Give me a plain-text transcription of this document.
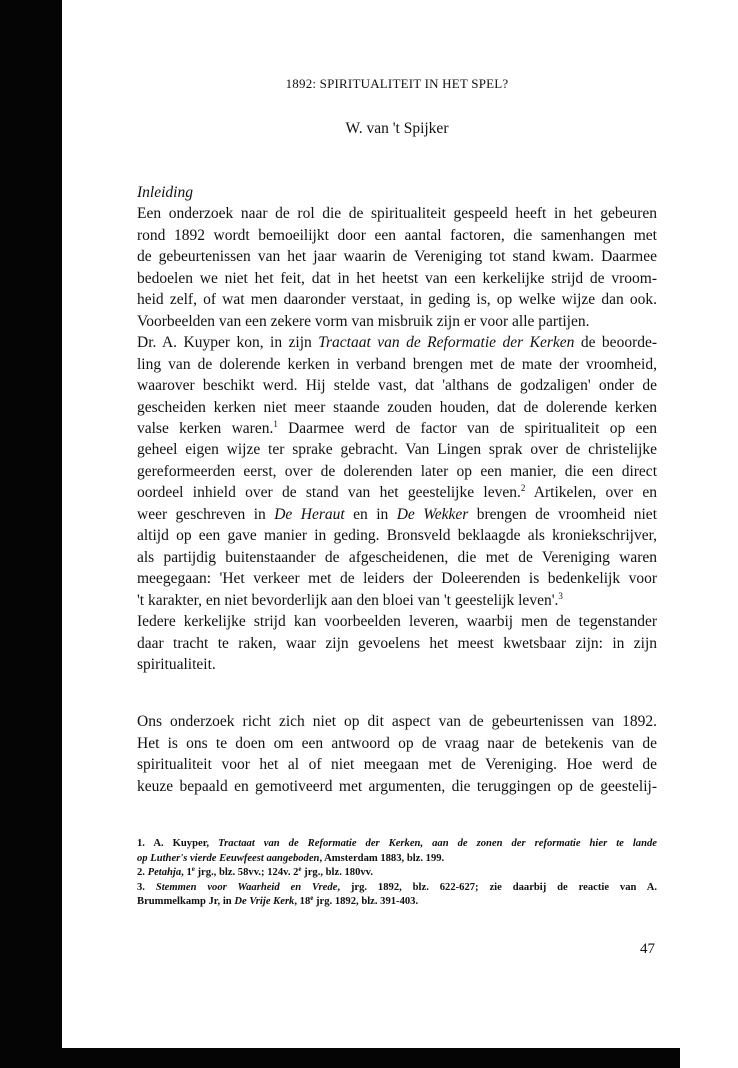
1892: SPIRITUALITEIT IN HET SPEL?
W. van 't Spijker
Inleiding
Een onderzoek naar de rol die de spiritualiteit gespeeld heeft in het gebeuren
rond 1892 wordt bemoeilijkt door een aantal factoren, die samenhangen met
de gebeurtenissen van het jaar waarin de Vereniging tot stand kwam. Daarmee
bedoelen we niet het feit, dat in het heetst van een kerkelijke strijd de vroom-
heid zelf, of wat men daaronder verstaat, in geding is, op welke wijze dan ook.
Voorbeelden van een zekere vorm van misbruik zijn er voor alle partijen.
Dr. A. Kuyper kon, in zijn Tractaat van de Reformatie der Kerken de beoorde-
ling van de dolerende kerken in verband brengen met de mate der vroomheid,
waarover beschikt werd. Hij stelde vast, dat 'althans de godzaligen' onder de
gescheiden kerken niet meer staande zouden houden, dat de dolerende kerken
valse kerken waren.$^1$ Daarmee werd de factor van de spiritualiteit op een
geheel eigen wijze ter sprake gebracht. Van Lingen sprak over de christelijke
gereformeerden eerst, over de dolerenden later op een manier, die een direct
oordeel inhield over de stand van het geestelijke leven.$^2$ Artikelen, over en
weer geschreven in De Heraut en in De Wekker brengen de vroomheid niet
altijd op een gave manier in geding. Bronsveld beklaagde als kroniekschrijver,
als partijdig buitenstaander de afgescheidenen, die met de Vereniging waren
meegegaan: 'Het verkeer met de leiders der Doleerenden is bedenkelijk voor
't karakter, en niet bevorderlijk aan den bloei van 't geestelijk leven'.$^3$
Iedere kerkelijke strijd kan voorbeelden leveren, waarbij men de tegenstander
daar tracht te raken, waar zijn gevoelens het meest kwetsbaar zijn: in zijn
spiritualiteit.
Ons onderzoek richt zich niet op dit aspect van de gebeurtenissen van 1892.
Het is ons te doen om een antwoord op de vraag naar de betekenis van de
spiritualiteit voor het al of niet meegaan met de Vereniging. Hoe werd de
keuze bepaald en gemotiveerd met argumenten, die teruggingen op de geestelij-
1. A. Kuyper, Tractaat van de Reformatie der Kerken, aan de zonen der reformatie hier te lande
op Luther's vierde Eeuwfeest aangeboden, Amsterdam 1883, blz. 199.
2. Petahja, 1e jrg., blz. 58vv.; 124v. 2e jrg., blz. 180vv.
3. Stemmen voor Waarheid en Vrede, jrg. 1892, blz. 622-627; zie daarbij de reactie van A.
Brummelkamp Jr, in De Vrije Kerk, 18e jrg. 1892, blz. 391-403.
47
